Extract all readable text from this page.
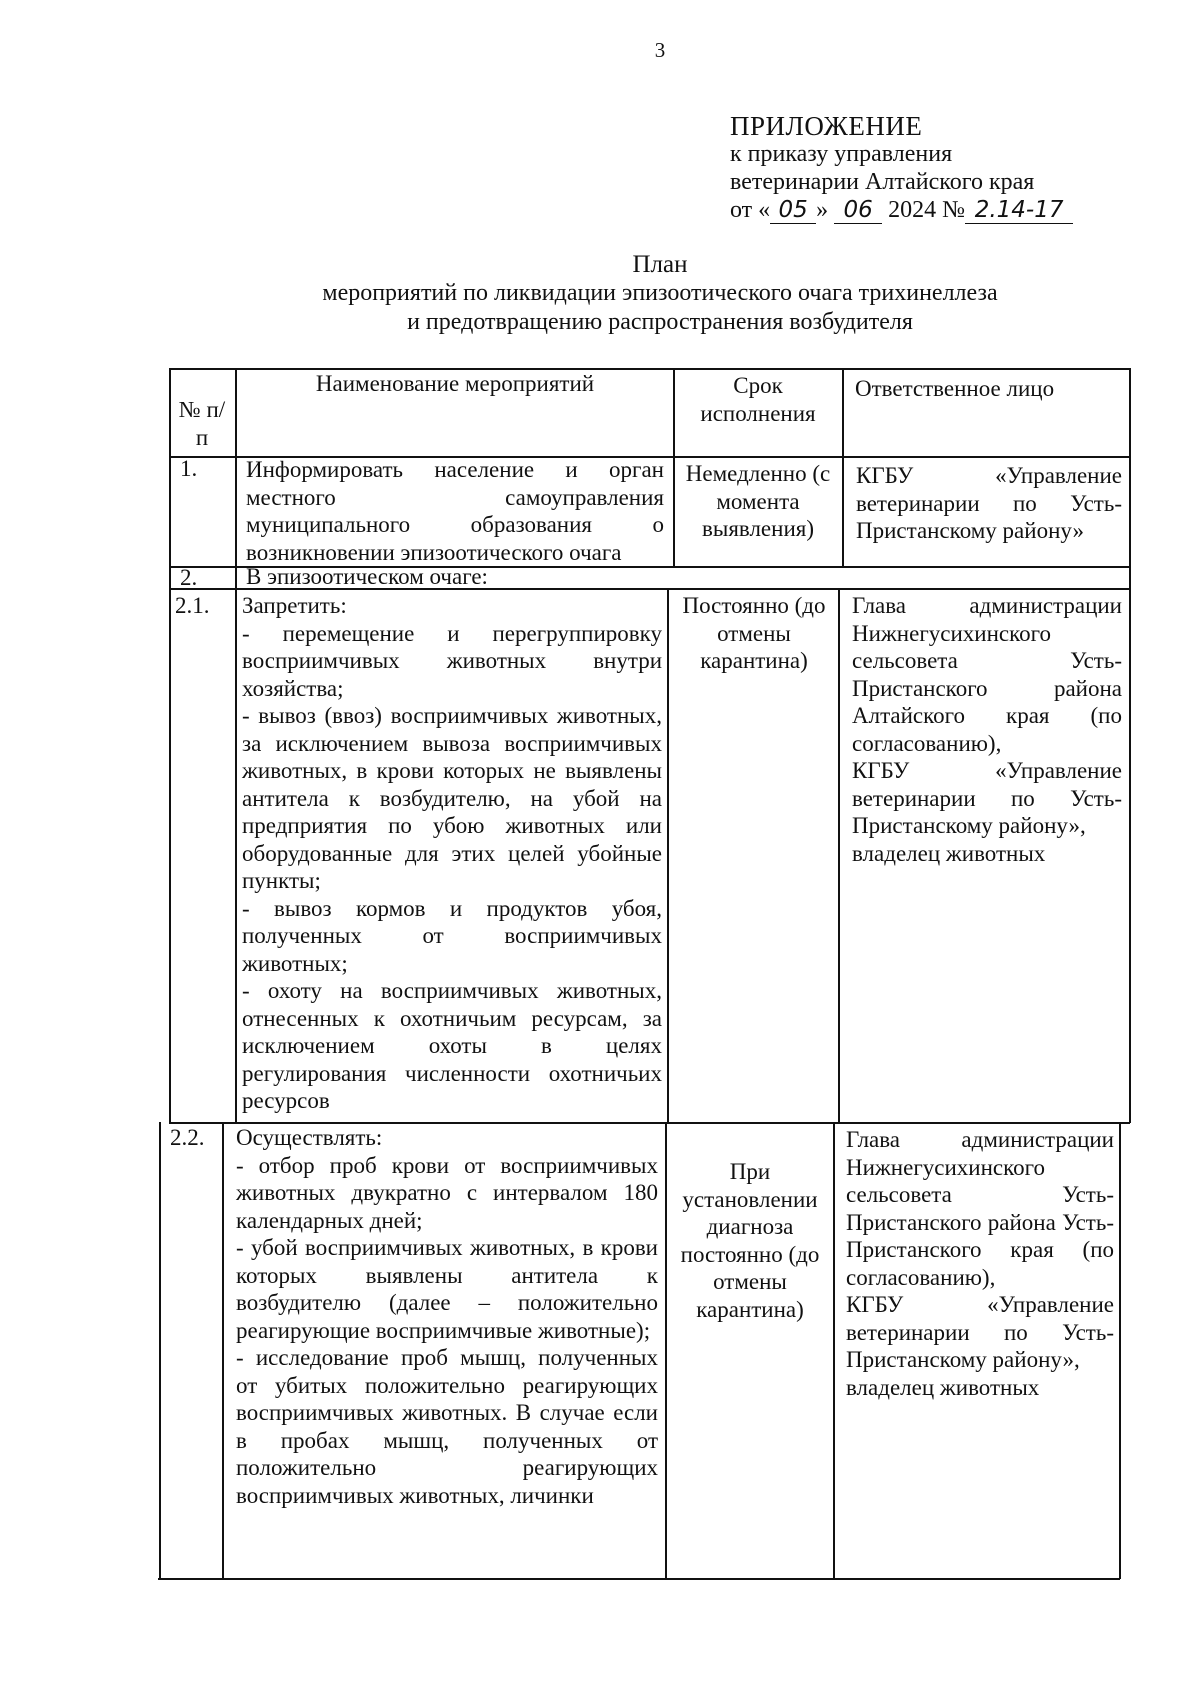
3
ПРИЛОЖЕНИЕ
к приказу управления
ветеринарии Алтайского края
от « 05 » 06 2024 № 2.14-17
План
мероприятий по ликвидации эпизоотического очага трихинеллеза
и предотвращению распространения возбудителя
№ п/п
Наименование мероприятий	Срок исполнения
Ответственное лицо
1. Информировать население и орган местного самоуправления муниципального образования о возникновении эпизоотического очага
Немедленно (с момента выявления)
КГБУ «Управление ветеринарии по Усть-Пристанскому району»
2. В эпизоотическом очаге:
2.1. Запретить:
- перемещение и перегруппировку восприимчивых животных внутри хозяйства;
- вывоз (ввоз) восприимчивых животных, за исключением вывоза восприимчивых животных, в крови которых не выявлены антитела к возбудителю, на убой на предприятия по убою животных или оборудованные для этих целей убойные пункты;
- вывоз кормов и продуктов убоя, полученных от восприимчивых животных;
- охоту на восприимчивых животных, отнесенных к охотничьим ресурсам, за исключением охоты в целях регулирования численности охотничьих ресурсов
Постоянно (до отмены карантина)
Глава администрации Нижнегусихинского сельсовета Усть-Пристанского района Алтайского края (по согласованию),
КГБУ «Управление ветеринарии по Усть-Пристанскому району»,
владелец животных
2.2. Осуществлять:
- отбор проб крови от восприимчивых животных двукратно с интервалом 180 календарных дней;
- убой восприимчивых животных, в крови которых выявлены антитела к возбудителю (далее – положительно реагирующие восприимчивые животные);
- исследование проб мышц, полученных от убитых положительно реагирующих восприимчивых животных. В случае если в пробах мышц, полученных от положительно реагирующих восприимчивых животных, личинки
При установлении диагноза постоянно (до отмены карантина)
Глава администрации Нижнегусихинского сельсовета Усть-Пристанского района Усть-Пристанского края (по согласованию),
КГБУ «Управление ветеринарии по Усть-Пристанскому району»,
владелец животных
